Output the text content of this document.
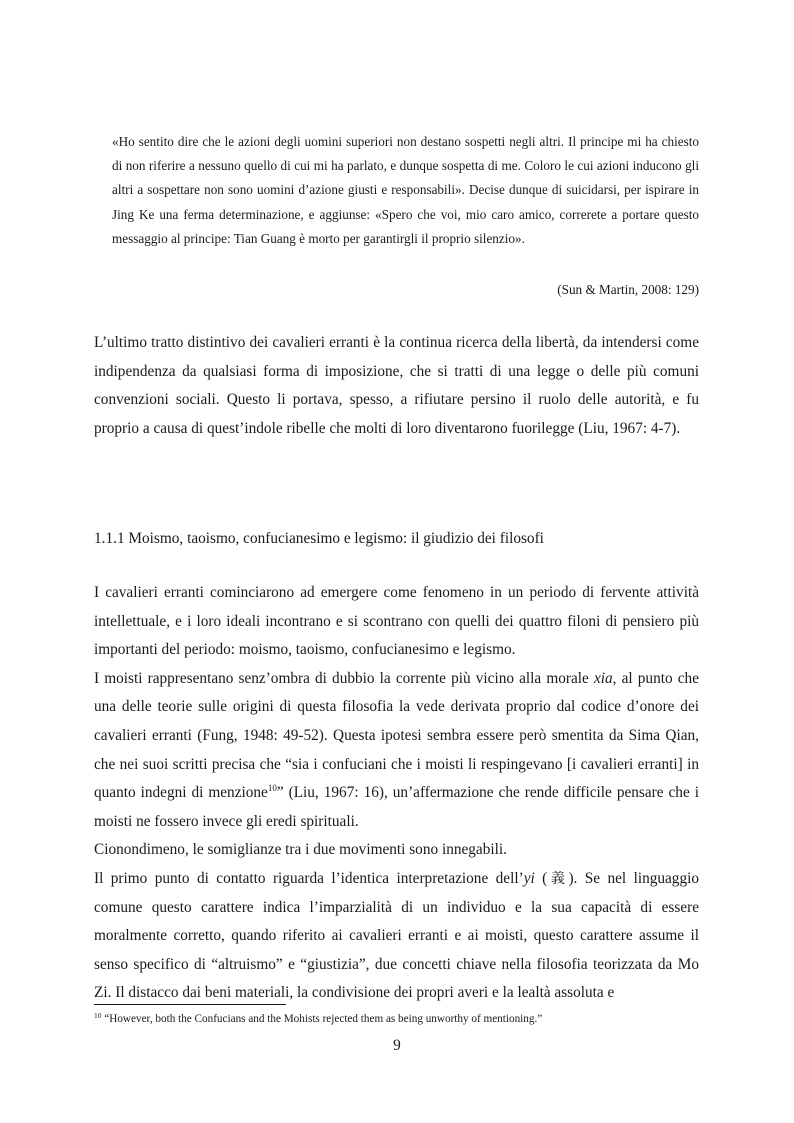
«Ho sentito dire che le azioni degli uomini superiori non destano sospetti negli altri. Il principe mi ha chiesto di non riferire a nessuno quello di cui mi ha parlato, e dunque sospetta di me. Coloro le cui azioni inducono gli altri a sospettare non sono uomini d’azione giusti e responsabili». Decise dunque di suicidarsi, per ispirare in Jing Ke una ferma determinazione, e aggiunse: «Spero che voi, mio caro amico, correrete a portare questo messaggio al principe: Tian Guang è morto per garantirgli il proprio silenzio».

(Sun & Martin, 2008: 129)

L’ultimo tratto distintivo dei cavalieri erranti è la continua ricerca della libertà, da intendersi come indipendenza da qualsiasi forma di imposizione, che si tratti di una legge o delle più comuni convenzioni sociali. Questo li portava, spesso, a rifiutare persino il ruolo delle autorità, e fu proprio a causa di quest’indole ribelle che molti di loro diventarono fuorilegge (Liu, 1967: 4-7).

1.1.1 Moismo, taoismo, confucianesimo e legismo: il giudizio dei filosofi

I cavalieri erranti cominciarono ad emergere come fenomeno in un periodo di fervente attività intellettuale, e i loro ideali incontrano e si scontrano con quelli dei quattro filoni di pensiero più importanti del periodo: moismo, taoismo, confucianesimo e legismo.

I moisti rappresentano senz’ombra di dubbio la corrente più vicino alla morale xia, al punto che una delle teorie sulle origini di questa filosofia la vede derivata proprio dal codice d’onore dei cavalieri erranti (Fung, 1948: 49-52). Questa ipotesi sembra essere però smentita da Sima Qian, che nei suoi scritti precisa che “sia i confuciani che i moisti li respingevano [i cavalieri erranti] in quanto indegni di menzione$^{10}$” (Liu, 1967: 16), un’affermazione che rende difficile pensare che i moisti ne fossero invece gli eredi spirituali.

Cionondimeno, le somiglianze tra i due movimenti sono innegabili.

Il primo punto di contatto riguarda l’identica interpretazione dell’yi (義). Se nel linguaggio comune questo carattere indica l’imparzialità di un individuo e la sua capacità di essere moralmente corretto, quando riferito ai cavalieri erranti e ai moisti, questo carattere assume il senso specifico di “altruismo” e “giustizia”, due concetti chiave nella filosofia teorizzata da Mo Zi. Il distacco dai beni materiali, la condivisione dei propri averi e la lealtà assoluta e

$^{10}$ “However, both the Confucians and the Mohists rejected them as being unworthy of mentioning.”
9
